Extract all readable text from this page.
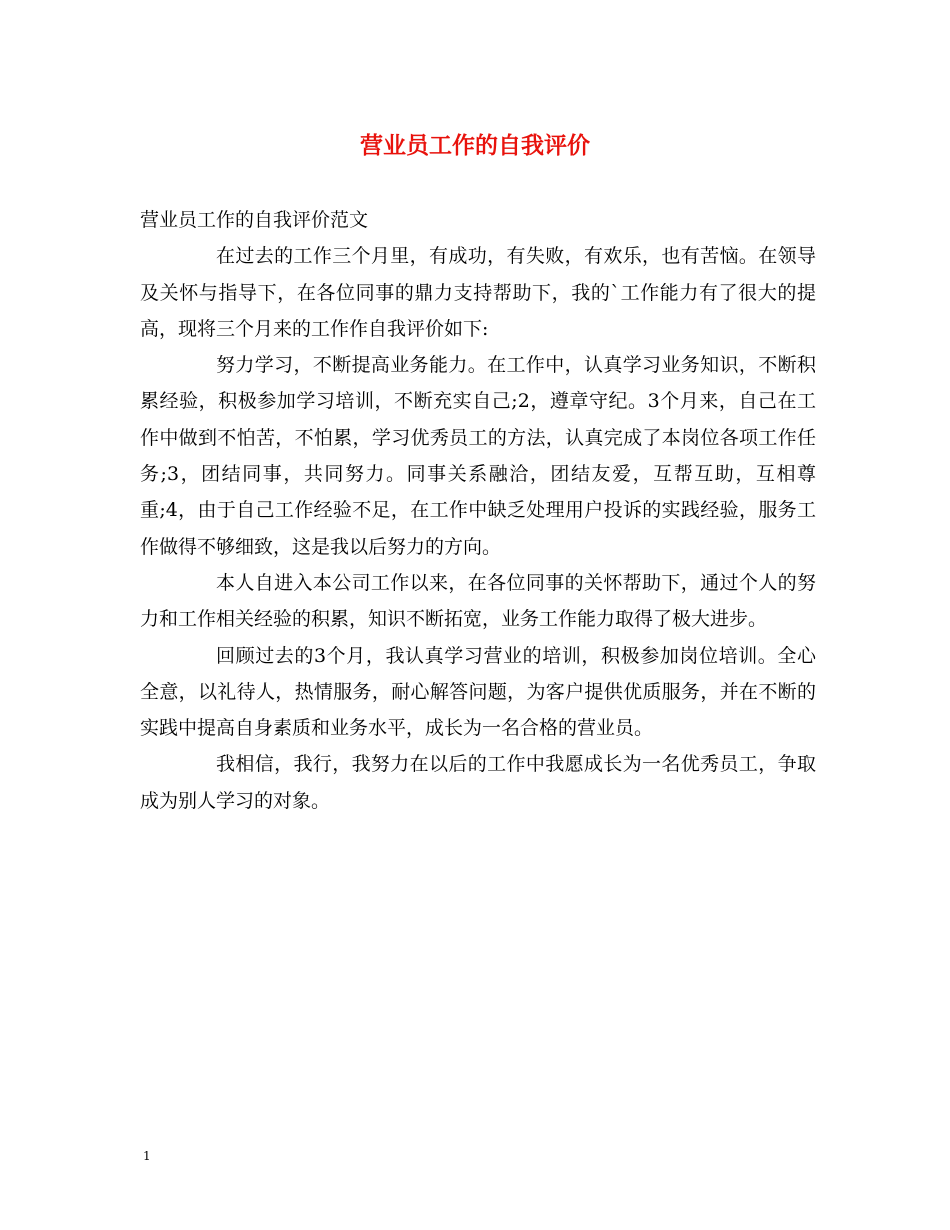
营业员工作的自我评价

营业员工作的自我评价范文

在过去的工作三个月里，有成功，有失败，有欢乐，也有苦恼。在领导及关怀与指导下，在各位同事的鼎力支持帮助下，我的`工作能力有了很大的提高，现将三个月来的工作作自我评价如下:

努力学习，不断提高业务能力。在工作中，认真学习业务知识，不断积累经验，积极参加学习培训，不断充实自己;2，遵章守纪。3个月来，自己在工作中做到不怕苦，不怕累，学习优秀员工的方法，认真完成了本岗位各项工作任务;3，团结同事，共同努力。同事关系融洽，团结友爱，互帮互助，互相尊重;4，由于自己工作经验不足，在工作中缺乏处理用户投诉的实践经验，服务工作做得不够细致，这是我以后努力的方向。

本人自进入本公司工作以来，在各位同事的关怀帮助下，通过个人的努力和工作相关经验的积累，知识不断拓宽，业务工作能力取得了极大进步。

回顾过去的3个月，我认真学习营业的培训，积极参加岗位培训。全心全意，以礼待人，热情服务，耐心解答问题，为客户提供优质服务，并在不断的实践中提高自身素质和业务水平，成长为一名合格的营业员。

我相信，我行，我努力在以后的工作中我愿成长为一名优秀员工，争取成为别人学习的对象。

1
